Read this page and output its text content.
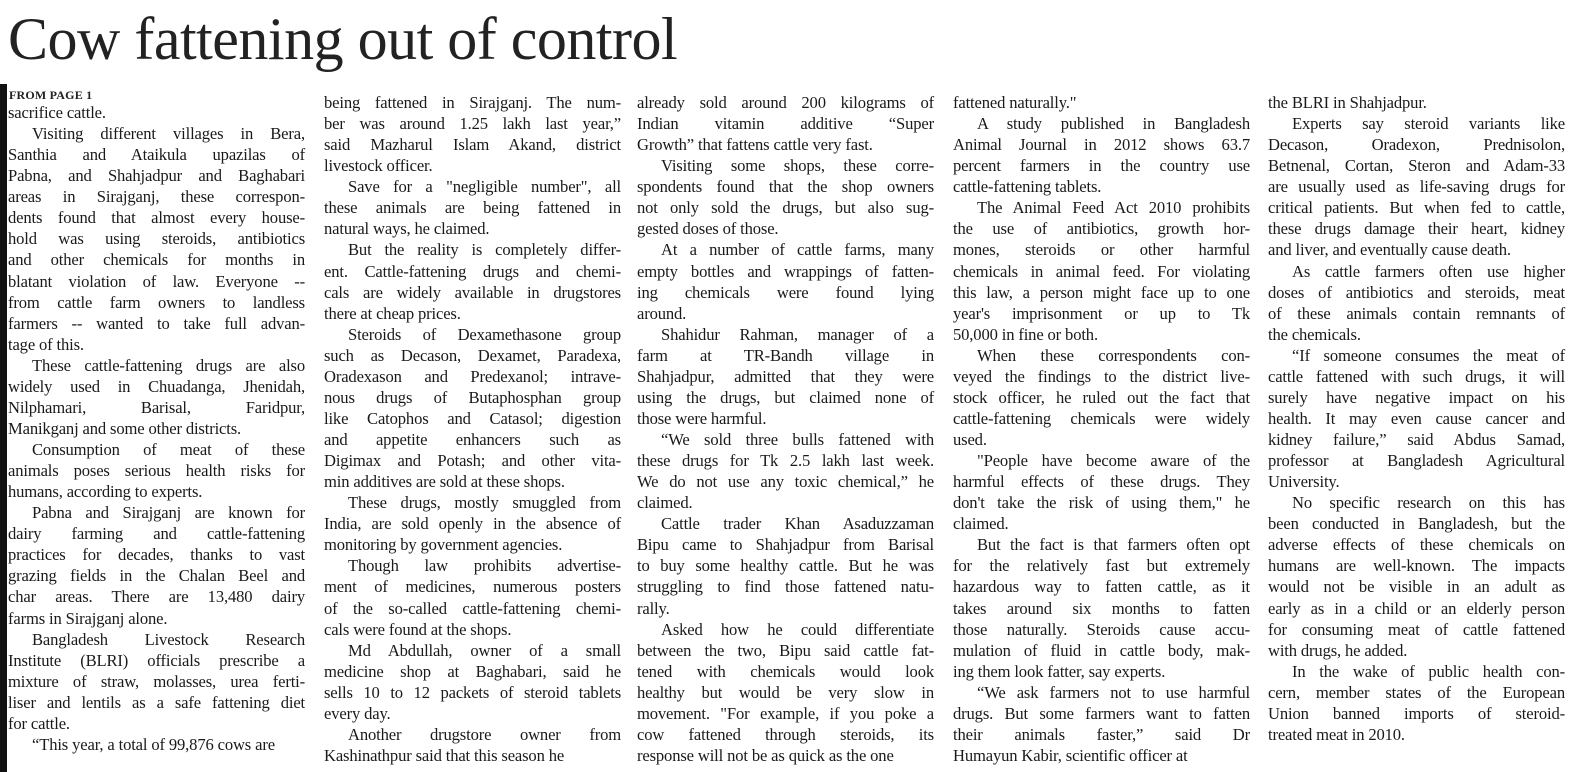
Cow fattening out of control
FROM PAGE 1
sacrifice cattle.
Visiting different villages in Bera,
Santhia and Ataikula upazilas of
Pabna, and Shahjadpur and Baghabari
areas in Sirajganj, these correspon-
dents found that almost every house-
hold was using steroids, antibiotics
and other chemicals for months in
blatant violation of law. Everyone --
from cattle farm owners to landless
farmers -- wanted to take full advan-
tage of this.
These cattle-fattening drugs are also
widely used in Chuadanga, Jhenidah,
Nilphamari, Barisal, Faridpur,
Manikganj and some other districts.
Consumption of meat of these
animals poses serious health risks for
humans, according to experts.
Pabna and Sirajganj are known for
dairy farming and cattle-fattening
practices for decades, thanks to vast
grazing fields in the Chalan Beel and
char areas. There are 13,480 dairy
farms in Sirajganj alone.
Bangladesh Livestock Research
Institute (BLRI) officials prescribe a
mixture of straw, molasses, urea ferti-
liser and lentils as a safe fattening diet
for cattle.
“This year, a total of 99,876 cows are
being fattened in Sirajganj. The num-
ber was around 1.25 lakh last year,”
said Mazharul Islam Akand, district
livestock officer.
Save for a "negligible number", all
these animals are being fattened in
natural ways, he claimed.
But the reality is completely differ-
ent. Cattle-fattening drugs and chemi-
cals are widely available in drugstores
there at cheap prices.
Steroids of Dexamethasone group
such as Decason, Dexamet, Paradexa,
Oradexason and Predexanol; intrave-
nous drugs of Butaphosphan group
like Catophos and Catasol; digestion
and appetite enhancers such as
Digimax and Potash; and other vita-
min additives are sold at these shops.
These drugs, mostly smuggled from
India, are sold openly in the absence of
monitoring by government agencies.
Though law prohibits advertise-
ment of medicines, numerous posters
of the so-called cattle-fattening chemi-
cals were found at the shops.
Md Abdullah, owner of a small
medicine shop at Baghabari, said he
sells 10 to 12 packets of steroid tablets
every day.
Another drugstore owner from
Kashinathpur said that this season he
already sold around 200 kilograms of
Indian vitamin additive “Super
Growth” that fattens cattle very fast.
Visiting some shops, these corre-
spondents found that the shop owners
not only sold the drugs, but also sug-
gested doses of those.
At a number of cattle farms, many
empty bottles and wrappings of fatten-
ing chemicals were found lying
around.
Shahidur Rahman, manager of a
farm at TR-Bandh village in
Shahjadpur, admitted that they were
using the drugs, but claimed none of
those were harmful.
“We sold three bulls fattened with
these drugs for Tk 2.5 lakh last week.
We do not use any toxic chemical,” he
claimed.
Cattle trader Khan Asaduzzaman
Bipu came to Shahjadpur from Barisal
to buy some healthy cattle. But he was
struggling to find those fattened natu-
rally.
Asked how he could differentiate
between the two, Bipu said cattle fat-
tened with chemicals would look
healthy but would be very slow in
movement. "For example, if you poke a
cow fattened through steroids, its
response will not be as quick as the one
fattened naturally."
A study published in Bangladesh
Animal Journal in 2012 shows 63.7
percent farmers in the country use
cattle-fattening tablets.
The Animal Feed Act 2010 prohibits
the use of antibiotics, growth hor-
mones, steroids or other harmful
chemicals in animal feed. For violating
this law, a person might face up to one
year's imprisonment or up to Tk
50,000 in fine or both.
When these correspondents con-
veyed the findings to the district live-
stock officer, he ruled out the fact that
cattle-fattening chemicals were widely
used.
"People have become aware of the
harmful effects of these drugs. They
don't take the risk of using them," he
claimed.
But the fact is that farmers often opt
for the relatively fast but extremely
hazardous way to fatten cattle, as it
takes around six months to fatten
those naturally. Steroids cause accu-
mulation of fluid in cattle body, mak-
ing them look fatter, say experts.
“We ask farmers not to use harmful
drugs. But some farmers want to fatten
their animals faster,” said Dr
Humayun Kabir, scientific officer at
the BLRI in Shahjadpur.
Experts say steroid variants like
Decason, Oradexon, Prednisolon,
Betnenal, Cortan, Steron and Adam-33
are usually used as life-saving drugs for
critical patients. But when fed to cattle,
these drugs damage their heart, kidney
and liver, and eventually cause death.
As cattle farmers often use higher
doses of antibiotics and steroids, meat
of these animals contain remnants of
the chemicals.
“If someone consumes the meat of
cattle fattened with such drugs, it will
surely have negative impact on his
health. It may even cause cancer and
kidney failure,” said Abdus Samad,
professor at Bangladesh Agricultural
University.
No specific research on this has
been conducted in Bangladesh, but the
adverse effects of these chemicals on
humans are well-known. The impacts
would not be visible in an adult as
early as in a child or an elderly person
for consuming meat of cattle fattened
with drugs, he added.
In the wake of public health con-
cern, member states of the European
Union banned imports of steroid-
treated meat in 2010.
